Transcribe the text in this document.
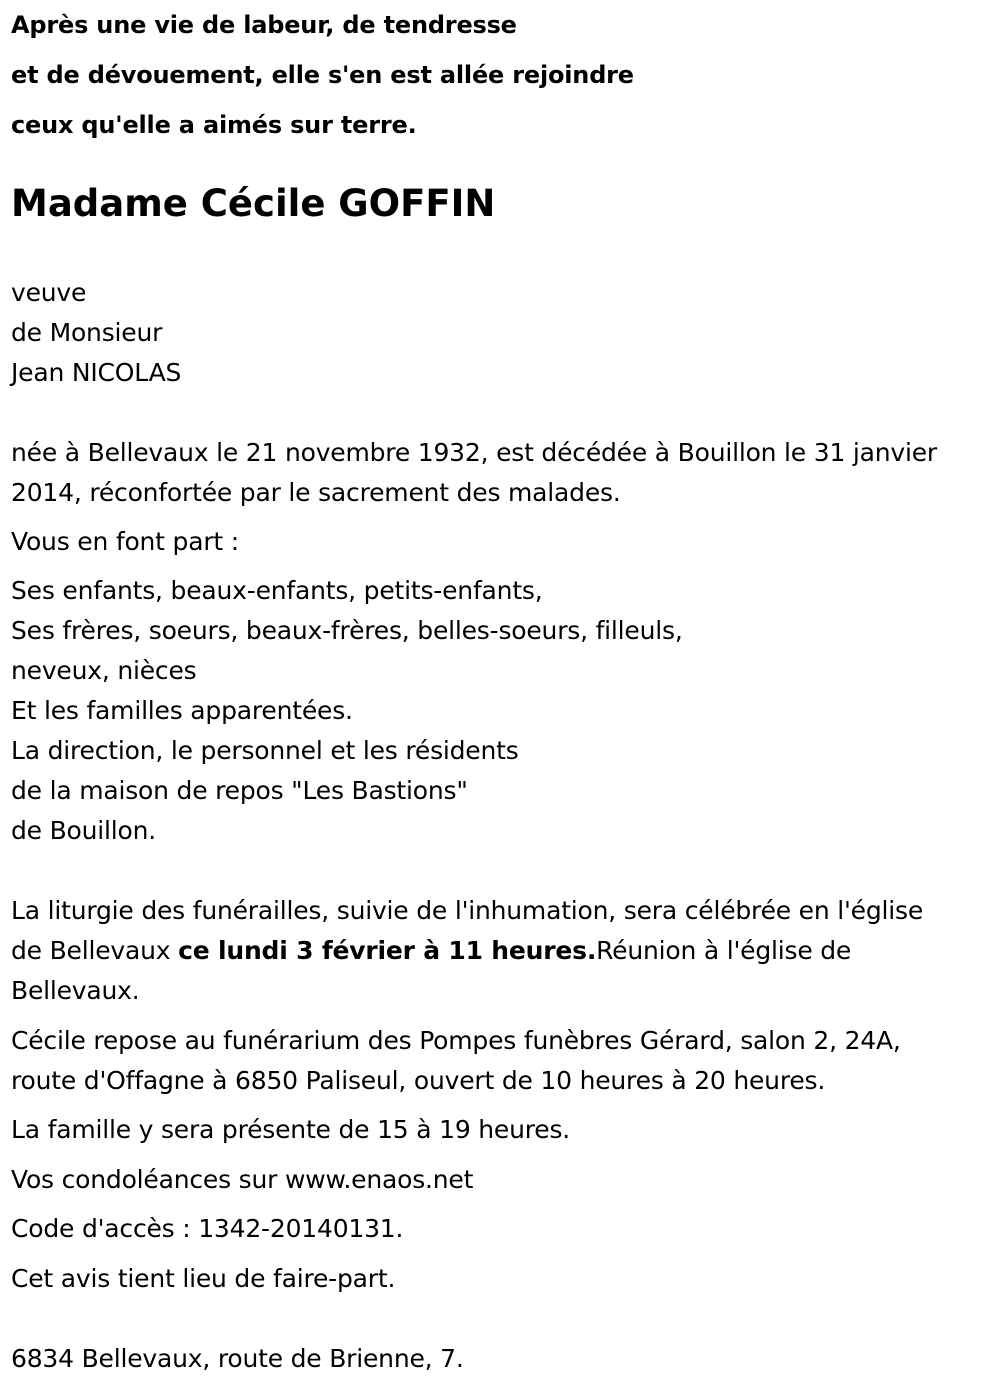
Après une vie de labeur, de tendresse
et de dévouement, elle s'en est allée rejoindre
ceux qu'elle a aimés sur terre.
Madame Cécile GOFFIN
veuve
de Monsieur
Jean NICOLAS
née à Bellevaux le 21 novembre 1932, est décédée à Bouillon le 31 janvier
2014, réconfortée par le sacrement des malades.
Vous en font part :
Ses enfants, beaux-enfants, petits-enfants,
Ses frères, soeurs, beaux-frères, belles-soeurs, filleuls,
neveux, nièces
Et les familles apparentées.
La direction, le personnel et les résidents
de la maison de repos "Les Bastions"
de Bouillon.
La liturgie des funérailles, suivie de l'inhumation, sera célébrée en l'église
de Bellevaux ce lundi 3 février à 11 heures.Réunion à l'église de
Bellevaux.
Cécile repose au funérarium des Pompes funèbres Gérard, salon 2, 24A,
route d'Offagne à 6850 Paliseul, ouvert de 10 heures à 20 heures.
La famille y sera présente de 15 à 19 heures.
Vos condoléances sur www.enaos.net
Code d'accès : 1342-20140131.
Cet avis tient lieu de faire-part.
6834 Bellevaux, route de Brienne, 7.
